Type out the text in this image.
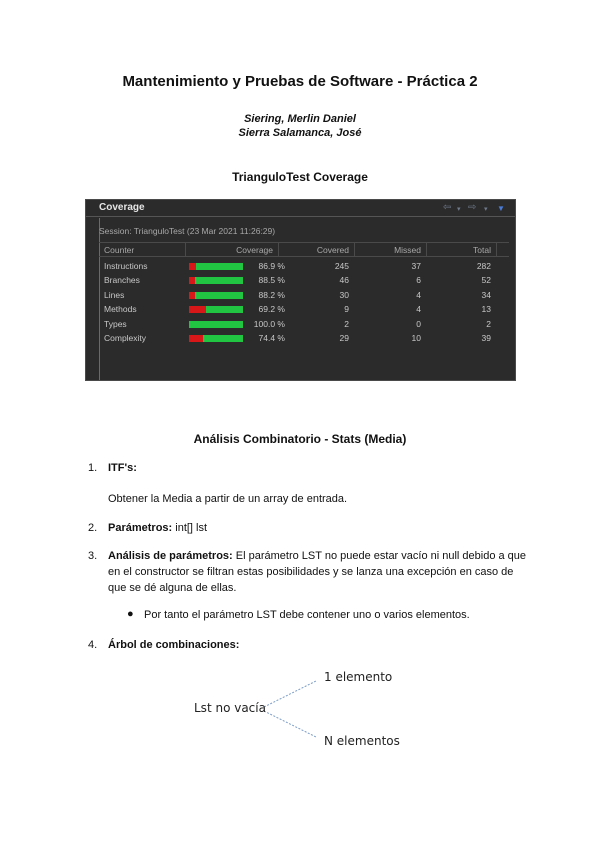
Mantenimiento y Pruebas de Software - Práctica 2
Siering, Merlin Daniel
Sierra Salamanca, José
TrianguloTest Coverage
Coverage	⇦ ▾ ⇨ ▾ ▼
Session: TrianguloTest (23 Mar 2021 11:26:29)
Counter	Coverage	Covered	Missed	Total
Instructions	86.9 %	245	37	282
Branches	88.5 %	46	6	52
Lines	88.2 %	30	4	34
Methods	69.2 %	9	4	13
Types	100.0 %	2	0	2
Complexity	74.4 %	29	10	39
Análisis Combinatorio - Stats (Media)
1. ITF's:
Obtener la Media a partir de un array de entrada.
2. Parámetros: int[] lst
3. Análisis de parámetros: El parámetro LST no puede estar vacío ni null debido a que en el constructor se filtran estas posibilidades y se lanza una excepción en caso de que se dé alguna de ellas.
● Por tanto el parámetro LST debe contener uno o varios elementos.
4. Árbol de combinaciones:
Lst no vacía
1 elemento
N elementos
